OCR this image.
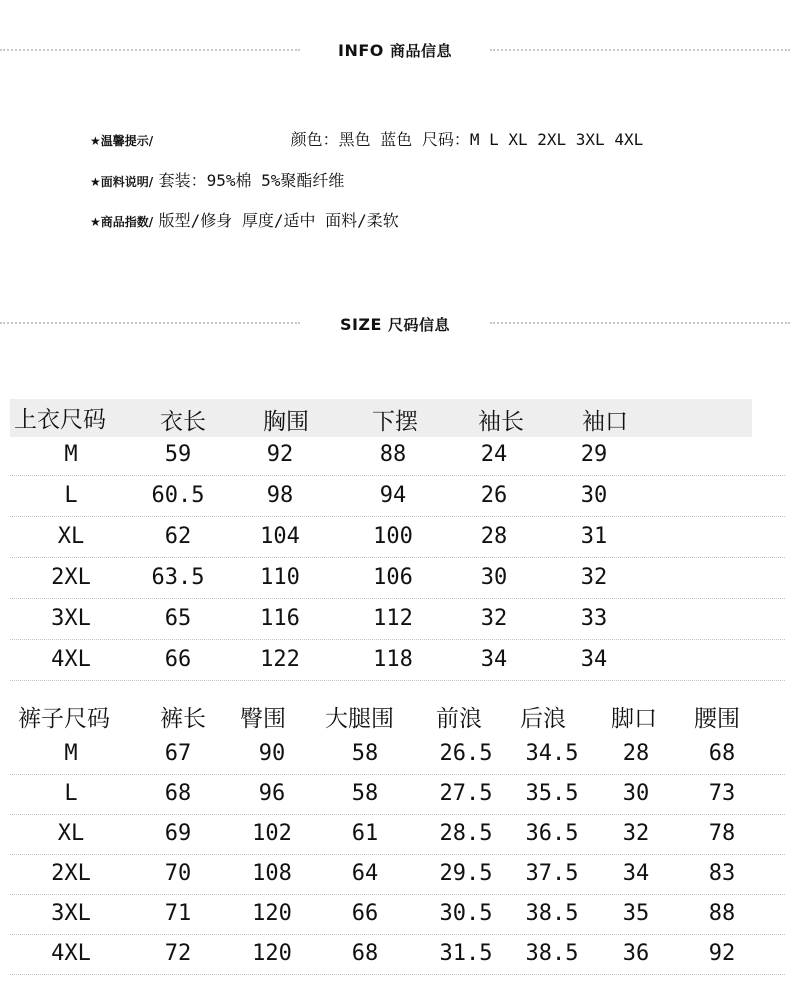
INFO 商品信息
★温馨提示/	颜色：黑色 蓝色 尺码：M L XL 2XL 3XL 4XL
★面料说明/ 套装：95%棉 5%聚酯纤维
★商品指数/ 版型/修身 厚度/适中 面料/柔软
SIZE 尺码信息
上衣尺码 衣长 胸围	下摆	袖长	袖口
M	59	92	88	24	29
L	60.5	98	94	26	30
XL	62	104	100	28	31
2XL	63.5	110	106	30	32
3XL	65	116	112	32	33
4XL	66	122	118	34	34
裤子尺码 裤长 臀围 大腿围 前浪 后浪 脚口 腰围
M	67	90	58	26.5 34.5 28	68
L	68	96	58	27.5 35.5 30	73
XL	69	102	61	28.5 36.5 32	78
2XL	70	108	64	29.5 37.5 34	83
3XL	71	120	66	30.5 38.5 35	88
4XL	72	120	68	31.5 38.5 36	92
